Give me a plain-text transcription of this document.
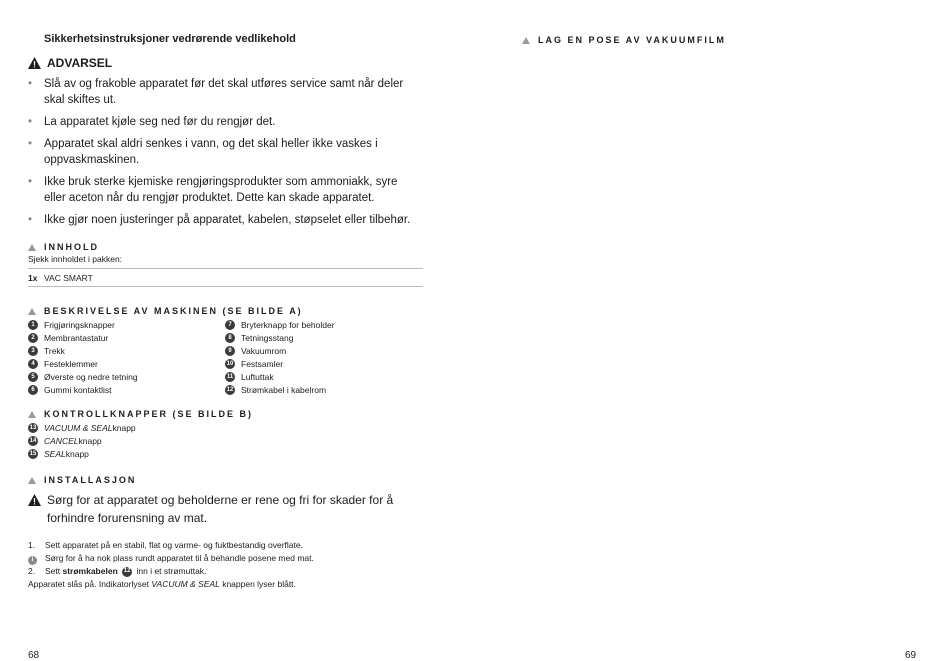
Sikkerhetsinstruksjoner vedrørende vedlikehold
ADVARSEL
•	Slå av og frakoble apparatet før det skal utføres service samt når deler skal skiftes ut.
•	La apparatet kjøle seg ned før du rengjør det.
•	Apparatet skal aldri senkes i vann, og det skal heller ikke vaskes i oppvaskmaskinen.
•	Ikke bruk sterke kjemiske rengjøringsprodukter som ammoniakk, syre eller aceton når du rengjør produktet. Dette kan skade apparatet.
•	Ikke gjør noen justeringer på apparatet, kabelen, støpselet eller tilbehør.
INNHOLD
Sjekk innholdet i pakken:
1x VAC SMART
BESKRIVELSE AV MASKINEN (SE BILDE A)
1	Frigjøringsknapper
2	Membrantastatur
3	Trekk
4	Festeklemmer
5	Øverste og nedre tetning
6	Gummi kontaktlist
7	Bryterknapp for beholder
8	Tetningsstang
9	Vakuumrom
10 Festsamler
11 Luftuttak
12 Strømkabel i kabelrom
KONTROLLKNAPPER (SE BILDE B)
13 VACUUM & SEAL knapp
14 CANCEL knapp
15 SEAL knapp
INSTALLASJON
Sørg for at apparatet og beholderne er rene og fri for skader for å forhindre forurensning av mat.
1.	Sett apparatet på en stabil, flat og varme- og fuktbestandig overflate.
i	Sørg for å ha nok plass rundt apparatet til å behandle posene med mat.
2.	Sett strømkabelen 12 inn i et strømuttak.
Apparatet slås på. Indikatorlyset VACUUM & SEAL knappen lyser blått.
68
LAG EN POSE AV VAKUUMFILM
69
